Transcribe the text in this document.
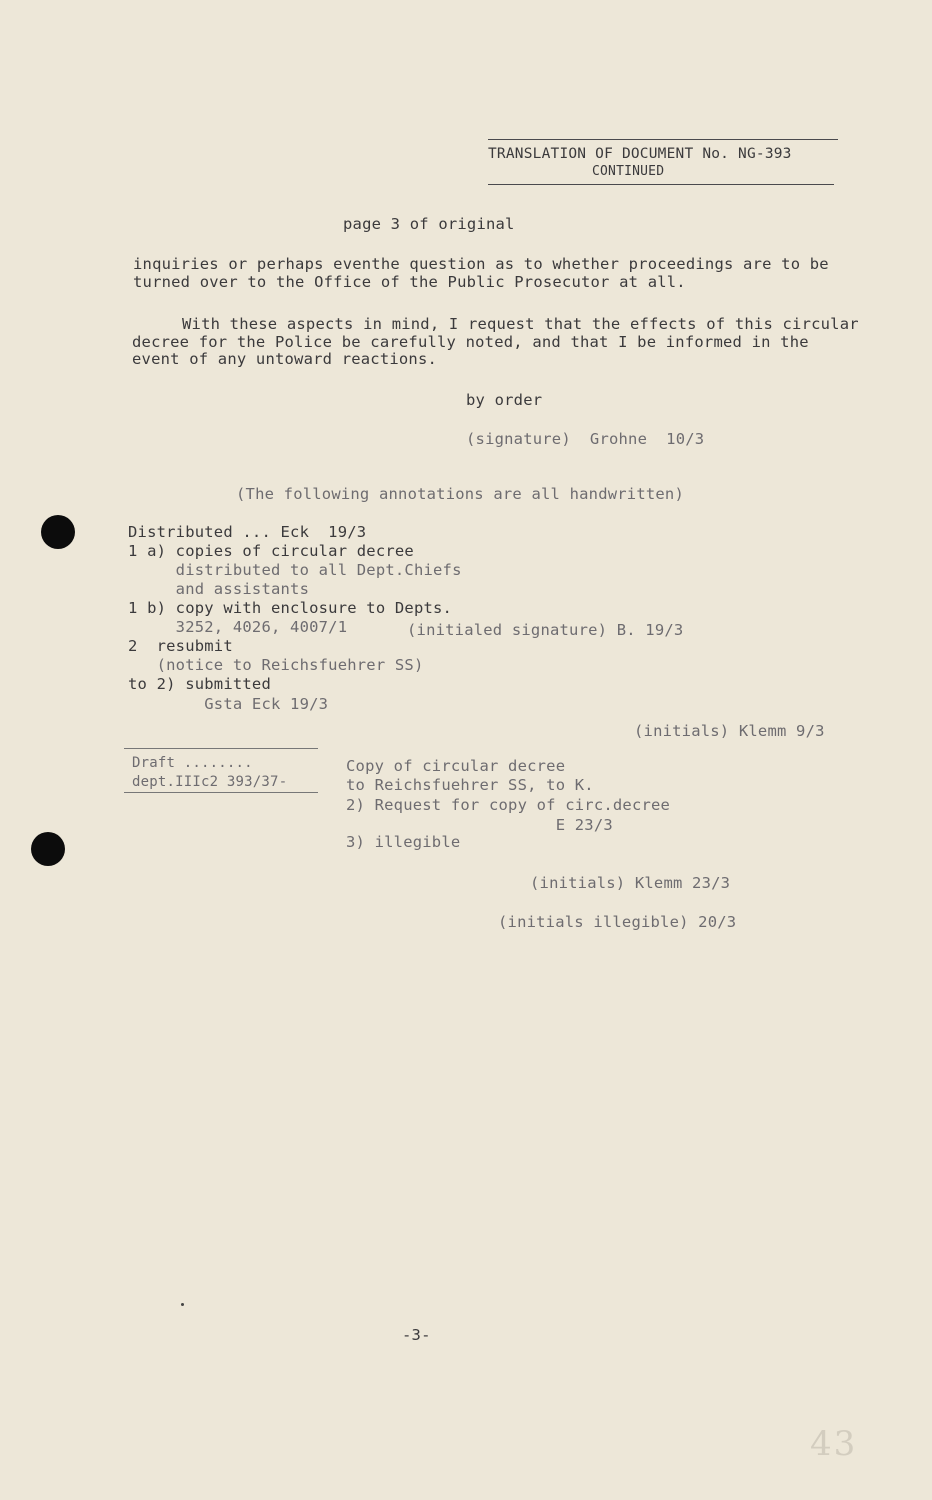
TRANSLATION OF DOCUMENT No. NG-393
CONTINUED
page 3 of original
inquiries or perhaps eventhe question as to whether proceedings are to be
turned over to the Office of the Public Prosecutor at all.
With these aspects in mind, I request that the effects of this circular
decree for the Police be carefully noted, and that I be informed in the
event of any untoward reactions.
by order
(signature)  Grohne  10/3
(The following annotations are all handwritten)
Distributed ... Eck  19/3
1 a) copies of circular decree
distributed to all Dept.Chiefs
and assistants
1 b) copy with enclosure to Depts.
3252, 4026, 4007/1	(initialed signature) B. 19/3
2  resubmit
(notice to Reichsfuehrer SS)
to 2) submitted
Gsta Eck 19/3
(initials) Klemm 9/3
Draft ........
dept.IIIc2 393/37-
Copy of circular decree
to Reichsfuehrer SS, to K.
2) Request for copy of circ.decree
E 23/3
3) illegible
(initials) Klemm 23/3
(initials illegible) 20/3
-3-
43
